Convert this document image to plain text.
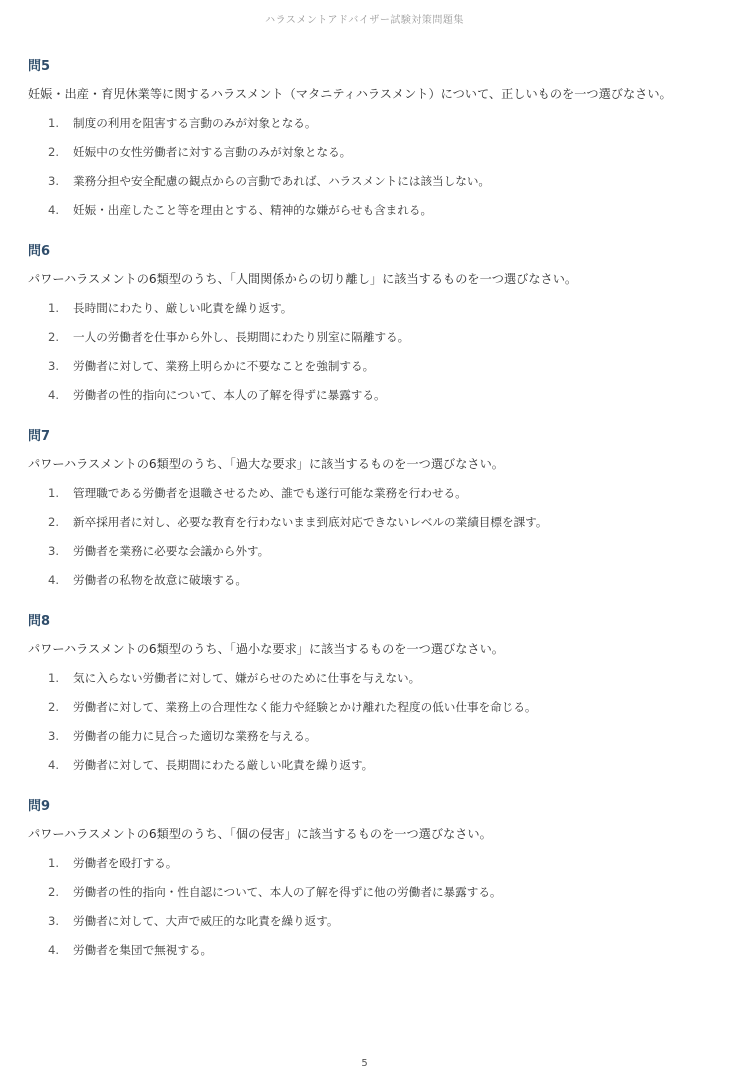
ハラスメントアドバイザー試験対策問題集
問5
妊娠・出産・育児休業等に関するハラスメント（マタニティハラスメント）について、正しいものを一つ選びなさい。
1.	制度の利用を阻害する言動のみが対象となる。
2.	妊娠中の女性労働者に対する言動のみが対象となる。
3.	業務分担や安全配慮の観点からの言動であれば、ハラスメントには該当しない。
4.	妊娠・出産したこと等を理由とする、精神的な嫌がらせも含まれる。
問6
パワーハラスメントの6類型のうち、「人間関係からの切り離し」に該当するものを一つ選びなさい。
1.	長時間にわたり、厳しい叱責を繰り返す。
2.	一人の労働者を仕事から外し、長期間にわたり別室に隔離する。
3.	労働者に対して、業務上明らかに不要なことを強制する。
4.	労働者の性的指向について、本人の了解を得ずに暴露する。
問7
パワーハラスメントの6類型のうち、「過大な要求」に該当するものを一つ選びなさい。
1.	管理職である労働者を退職させるため、誰でも遂行可能な業務を行わせる。
2.	新卒採用者に対し、必要な教育を行わないまま到底対応できないレベルの業績目標を課す。
3.	労働者を業務に必要な会議から外す。
4.	労働者の私物を故意に破壊する。
問8
パワーハラスメントの6類型のうち、「過小な要求」に該当するものを一つ選びなさい。
1.	気に入らない労働者に対して、嫌がらせのために仕事を与えない。
2.	労働者に対して、業務上の合理性なく能力や経験とかけ離れた程度の低い仕事を命じる。
3.	労働者の能力に見合った適切な業務を与える。
4.	労働者に対して、長期間にわたる厳しい叱責を繰り返す。
問9
パワーハラスメントの6類型のうち、「個の侵害」に該当するものを一つ選びなさい。
1.	労働者を殴打する。
2.	労働者の性的指向・性自認について、本人の了解を得ずに他の労働者に暴露する。
3.	労働者に対して、大声で威圧的な叱責を繰り返す。
4.	労働者を集団で無視する。
5
